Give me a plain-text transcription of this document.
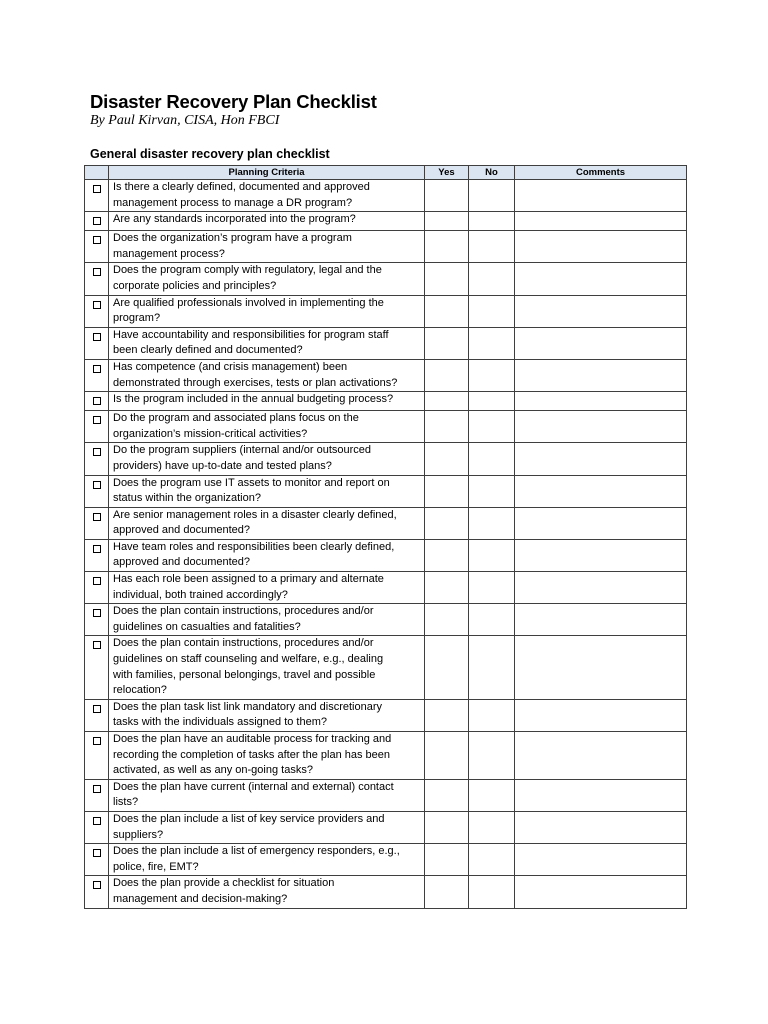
Disaster Recovery Plan Checklist
By Paul Kirvan, CISA, Hon FBCI
General disaster recovery plan checklist
	Planning Criteria	Yes	No	Comments

	Is there a clearly defined, documented and approved
management process to manage a DR program?			

	Are any standards incorporated into the program?			

	Does the organization’s program have a program
management process?			

	Does the program comply with regulatory, legal and the
corporate policies and principles?			

	Are qualified professionals involved in implementing the
program?			

	Have accountability and responsibilities for program staff
been clearly defined and documented?			

	Has competence (and crisis management) been
demonstrated through exercises, tests or plan activations?			

	Is the program included in the annual budgeting process?			

	Do the program and associated plans focus on the
organization’s mission-critical activities?			

	Do the program suppliers (internal and/or outsourced
providers) have up-to-date and tested plans?			

	Does the program use IT assets to monitor and report on
status within the organization?			

	Are senior management roles in a disaster clearly defined,
approved and documented?			

	Have team roles and responsibilities been clearly defined,
approved and documented?			

	Has each role been assigned to a primary and alternate
individual, both trained accordingly?			

	Does the plan contain instructions, procedures and/or
guidelines on casualties and fatalities?			

	Does the plan contain instructions, procedures and/or
guidelines on staff counseling and welfare, e.g., dealing
with families, personal belongings, travel and possible
relocation?			

	Does the plan task list link mandatory and discretionary
tasks with the individuals assigned to them?			

	Does the plan have an auditable process for tracking and
recording the completion of tasks after the plan has been
activated, as well as any on-going tasks?			

	Does the plan have current (internal and external) contact
lists?			

	Does the plan include a list of key service providers and
suppliers?			

	Does the plan include a list of emergency responders, e.g.,
police, fire, EMT?			

	Does the plan provide a checklist for situation
management and decision-making?			
